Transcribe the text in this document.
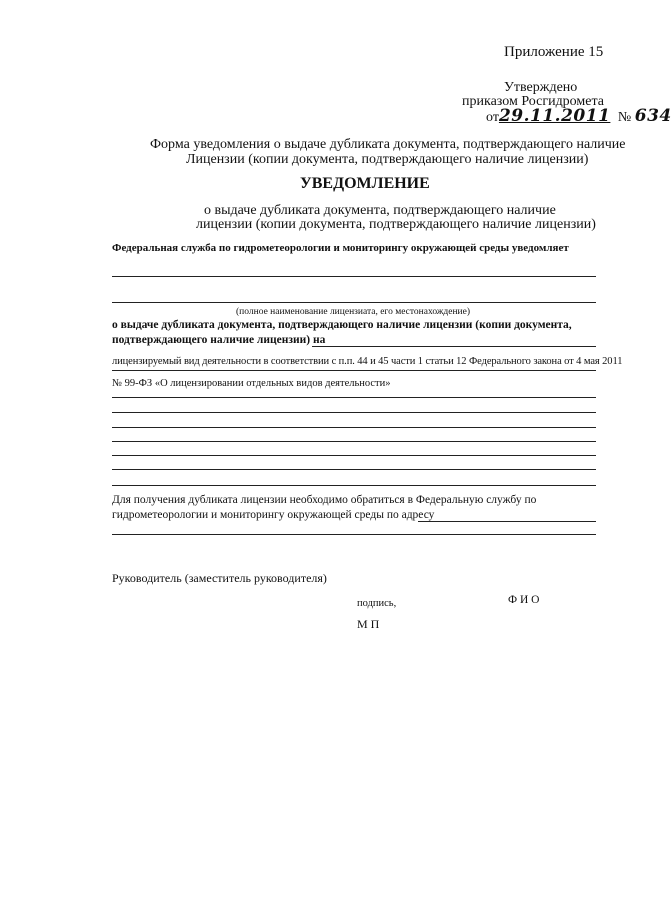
Приложение 15
Утверждено
приказом Росгидромета
от29.11.2011 № 634
Форма уведомления о выдаче дубликата документа, подтверждающего наличие
Лицензии (копии документа, подтверждающего наличие лицензии)
УВЕДОМЛЕНИЕ
о выдаче дубликата документа, подтверждающего наличие
лицензии (копии документа, подтверждающего наличие лицензии)
Федеральная служба по гидрометеорологии и мониторингу окружающей среды уведомляет
(полное наименование лицензиата, его местонахождение)
о выдаче дубликата документа, подтверждающего наличие лицензии (копии документа,
подтверждающего наличие лицензии) на
лицензируемый вид деятельности в соответствии с п.п. 44 и 45 части 1 статьи 12 Федерального закона от 4 мая 2011
№ 99-ФЗ «О лицензировании отдельных видов деятельности»
Для получения дубликата лицензии необходимо обратиться в Федеральную службу по
гидрометеорологии и мониторингу окружающей среды по адресу
Руководитель (заместитель руководителя)
подпись,	Ф И О
М П
